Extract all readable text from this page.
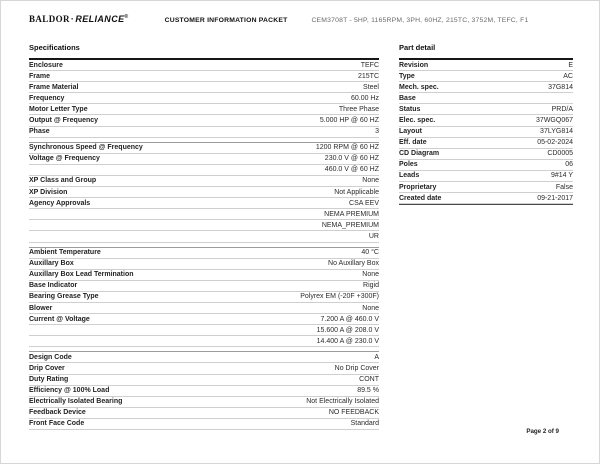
BALDOR·RELIANCE®	CUSTOMER INFORMATION PACKET	CEM3708T - 5HP, 1165RPM, 3PH, 60HZ, 215TC, 3752M, TEFC, F1
Specifications
Enclosure	TEFC
Frame	215TC
Frame Material	Steel
Frequency	60.00 Hz
Motor Letter Type	Three Phase
Output @ Frequency	5.000 HP @ 60 HZ
Phase	3
Synchronous Speed @ Frequency	1200 RPM @ 60 HZ
Voltage @ Frequency	230.0 V @ 60 HZ
460.0 V @ 60 HZ
XP Class and Group	None
XP Division	Not Applicable
Agency Approvals	CSA EEV
NEMA PREMIUM
NEMA_PREMIUM
UR
Ambient Temperature	40 °C
Auxillary Box	No Auxillary Box
Auxillary Box Lead Termination	None
Base Indicator	Rigid
Bearing Grease Type	Polyrex EM (-20F +300F)
Blower	None
Current @ Voltage	7.200 A @ 460.0 V
15.600 A @ 208.0 V
14.400 A @ 230.0 V
Design Code	A
Drip Cover	No Drip Cover
Duty Rating	CONT
Efficiency @ 100% Load	89.5 %
Electrically Isolated Bearing	Not Electrically Isolated
Feedback Device	NO FEEDBACK
Front Face Code	Standard
Part detail
Revision	E
Type	AC
Mech. spec.	37G814
Base
Status	PRD/A
Elec. spec.	37WGQ067
Layout	37LYG814
Eff. date	05-02-2024
CD Diagram	CD0005
Poles	06
Leads	9#14 Y
Proprietary	False
Created date	09-21-2017
Page 2 of 9
